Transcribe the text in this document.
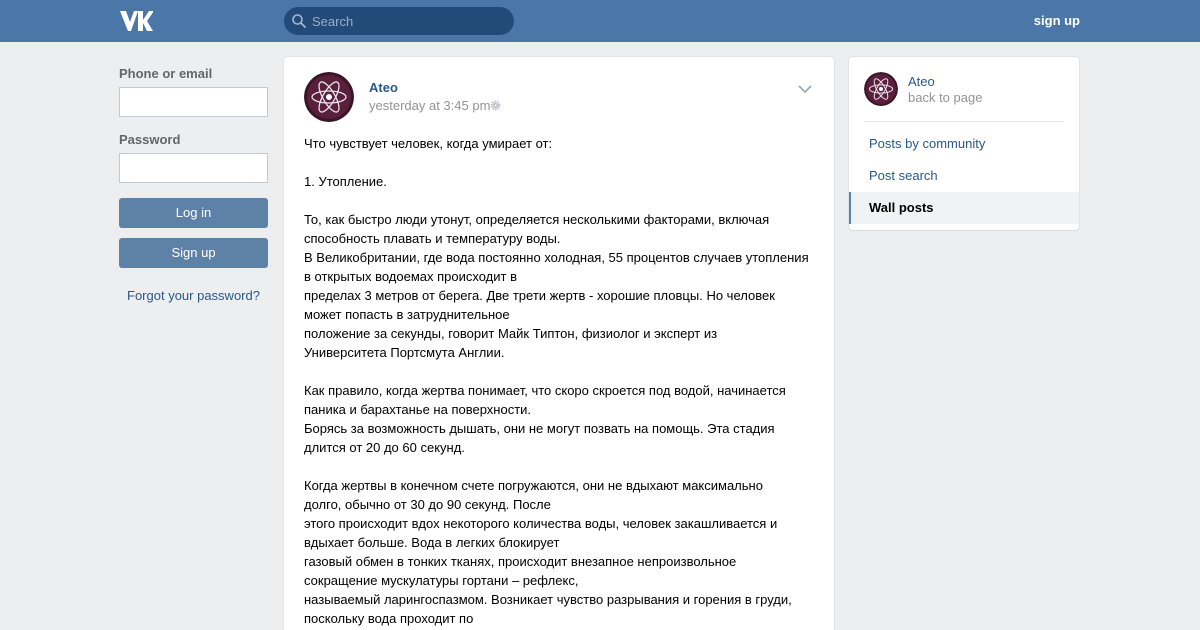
Search
sign up
Phone or email
Password
Log in
Sign up
Forgot your password?
Ateo
yesterday at 3:45 pm

Что чувствует человек, когда умирает от:

1. Утопление.

То, как быстро люди утонут, определяется несколькими факторами, включая

способность плавать и температуру воды.

В Великобритании, где вода постоянно холодная, 55 процентов случаев утопления

в открытых водоемах происходит в

пределах 3 метров от берега. Две трети жертв - хорошие пловцы. Но человек

может попасть в затруднительное

положение за секунды, говорит Майк Типтон, физиолог и эксперт из

Университета Портсмута Англии.

Как правило, когда жертва понимает, что скоро скроется под водой, начинается

паника и барахтанье на поверхности.

Борясь за возможность дышать, они не могут позвать на помощь. Эта стадия

длится от 20 до 60 секунд.

Когда жертвы в конечном счете погружаются, они не вдыхают максимально

долго, обычно от 30 до 90 секунд. После

этого происходит вдох некоторого количества воды, человек закашливается и

вдыхает больше. Вода в легких блокирует

газовый обмен в тонких тканях, происходит внезапное непроизвольное

сокращение мускулатуры гортани – рефлекс,

называемый ларингоспазмом. Возникает чувство разрывания и горения в груди,

поскольку вода проходит по

Ateo
back to page
Posts by community
Post search
Wall posts
